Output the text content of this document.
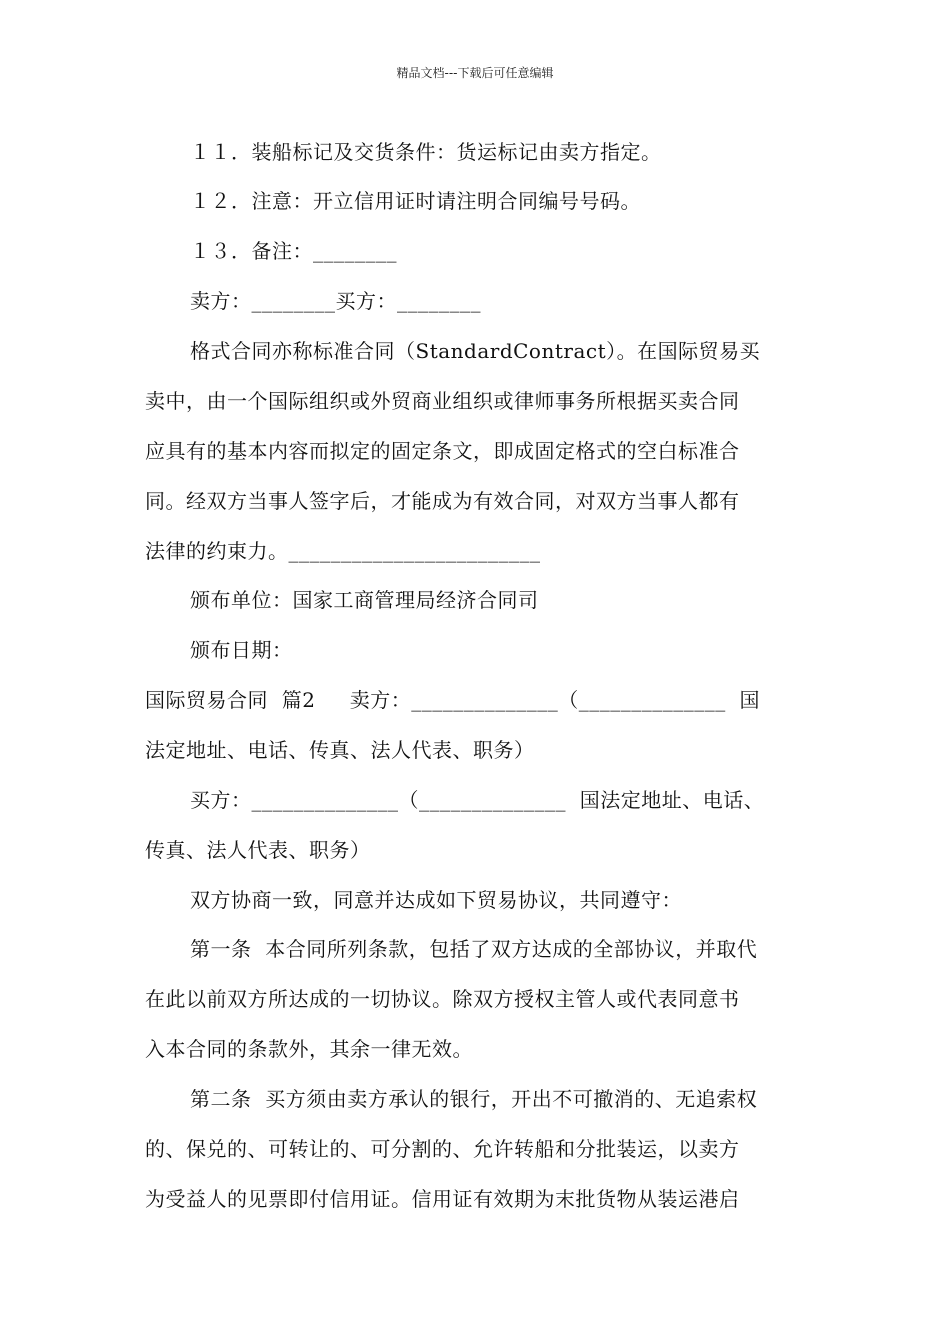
精品文档---下载后可任意编辑
１１．装船标记及交货条件：货运标记由卖方指定。
１２．注意：开立信用证时请注明合同编号号码。
１３．备注：________
卖方：________买方：________
格式合同亦称标准合同（StandardContract）。在国际贸易买
卖中，由一个国际组织或外贸商业组织或律师事务所根据买卖合同
应具有的基本内容而拟定的固定条文，即成固定格式的空白标准合
同。经双方当事人签字后，才能成为有效合同，对双方当事人都有
法律的约束力。________________________
颁布单位：国家工商管理局经济合同司
颁布日期：
国际贸易合同  篇2     卖方：______________（______________  国
法定地址、电话、传真、法人代表、职务）
买方：______________（______________  国法定地址、电话、
传真、法人代表、职务）
双方协商一致，同意并达成如下贸易协议，共同遵守：
第一条  本合同所列条款，包括了双方达成的全部协议，并取代
在此以前双方所达成的一切协议。除双方授权主管人或代表同意书
入本合同的条款外，其余一律无效。
第二条  买方须由卖方承认的银行，开出不可撤消的、无追索权
的、保兑的、可转让的、可分割的、允许转船和分批装运，以卖方
为受益人的见票即付信用证。信用证有效期为末批货物从装运港启
